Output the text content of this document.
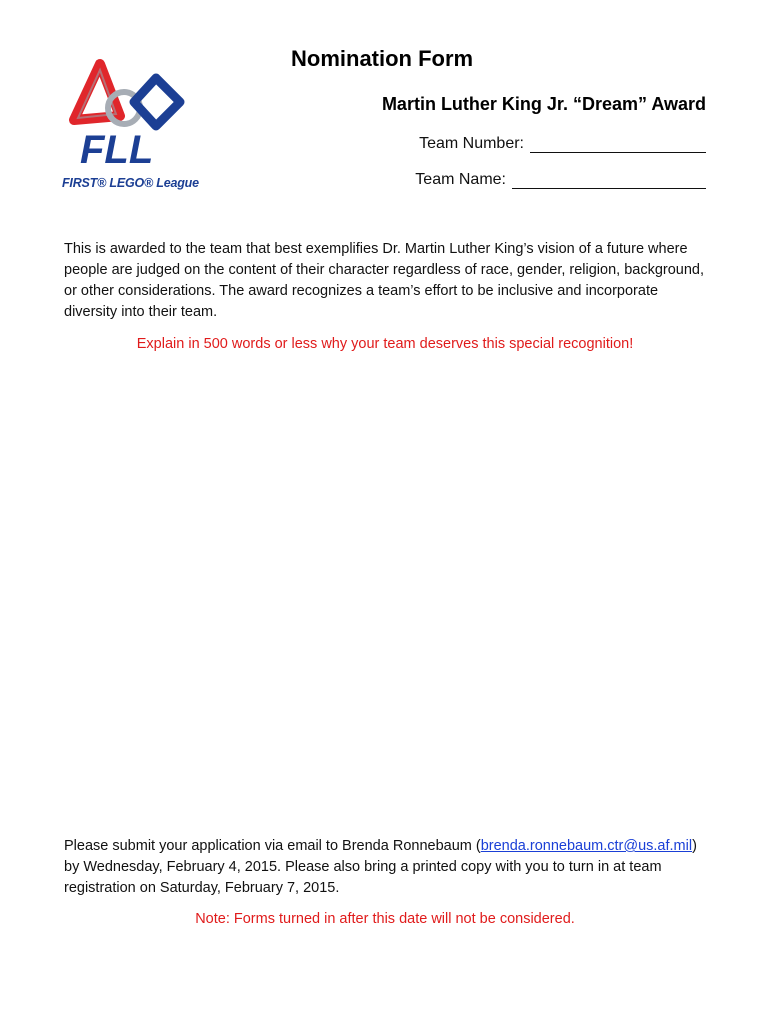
FLL
FIRST® LEGO® League
Nomination Form
Martin Luther King Jr. “Dream” Award
Team Number:
Team Name:

This is awarded to the team that best exemplifies Dr. Martin Luther King’s vision of a future where people are judged on the content of their character regardless of race, gender, religion, background, or other considerations. The award recognizes a team’s effort to be inclusive and incorporate diversity into their team.

Explain in 500 words or less why your team deserves this special recognition!

Please submit your application via email to Brenda Ronnebaum (brenda.ronnebaum.ctr@us.af.mil) by Wednesday, February 4, 2015. Please also bring a printed copy with you to turn in at team registration on Saturday, February 7, 2015.

Note: Forms turned in after this date will not be considered.
